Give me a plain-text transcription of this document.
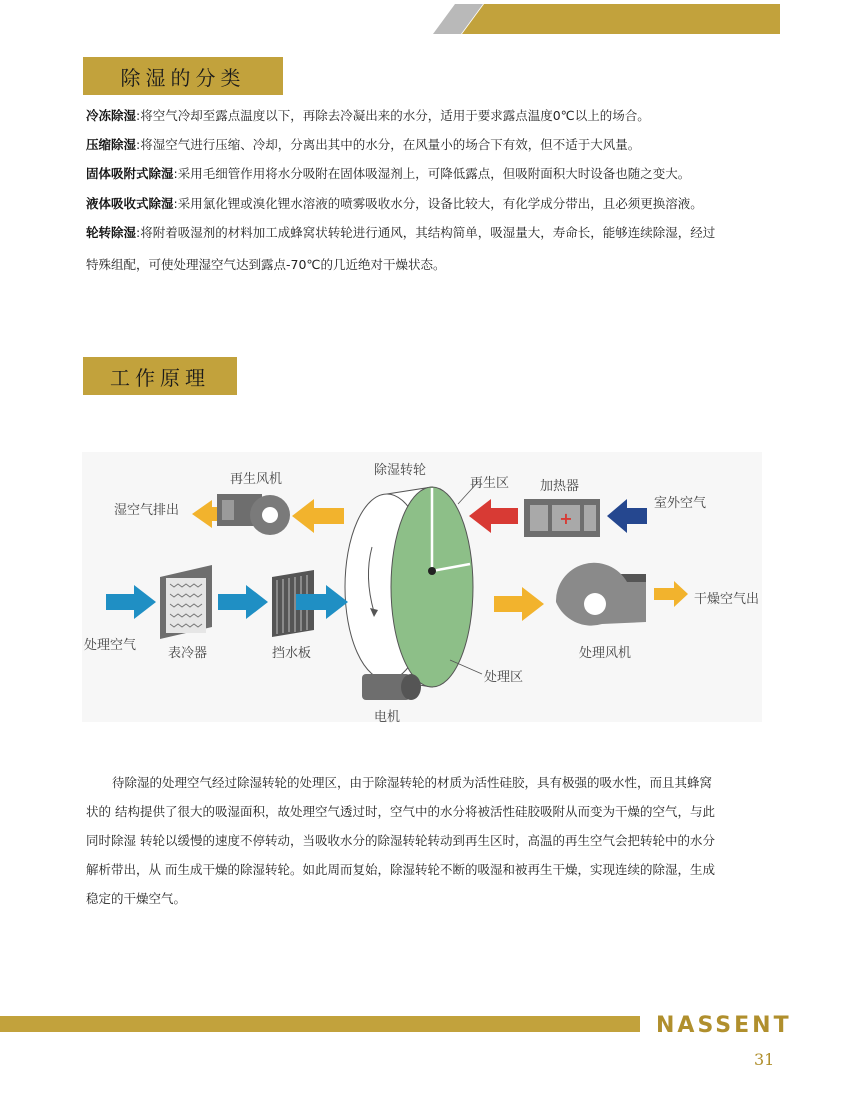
除湿的分类
冷冻除湿:将空气冷却至露点温度以下，再除去冷凝出来的水分，适用于要求露点温度0℃以上的场合。
压缩除湿:将湿空气进行压缩、冷却，分离出其中的水分，在风量小的场合下有效，但不适于大风量。
固体吸附式除湿:采用毛细管作用将水分吸附在固体吸湿剂上，可降低露点，但吸附面积大时设备也随之变大。
液体吸收式除湿:采用氯化锂或溴化锂水溶液的喷雾吸收水分，设备比较大，有化学成分带出，且必须更换溶液。
轮转除湿:将附着吸湿剂的材料加工成蜂窝状转轮进行通风，其结构简单，吸湿量大，寿命长，能够连续除湿，经过
特殊组配，可使处理湿空气达到露点-70℃的几近绝对干燥状态。
工作原理
+
再生风机
湿空气排出
除湿转轮
再生区 加热器
室外空气
处理空气
表冷器	挡水板	处理风机
干燥空气出
处理区
电机
待除湿的处理空气经过除湿转轮的处理区，由于除湿转轮的材质为活性硅胶，具有极强的吸水性，而且其蜂窝
状的 结构提供了很大的吸湿面积，故处理空气透过时，空气中的水分将被活性硅胶吸附从而变为干燥的空气，与此
同时除湿 转轮以缓慢的速度不停转动，当吸收水分的除湿转轮转动到再生区时，高温的再生空气会把转轮中的水分
解析带出，从 而生成干燥的除湿转轮。如此周而复始，除湿转轮不断的吸湿和被再生干燥，实现连续的除湿，生成
稳定的干燥空气。
NASSENT
31
